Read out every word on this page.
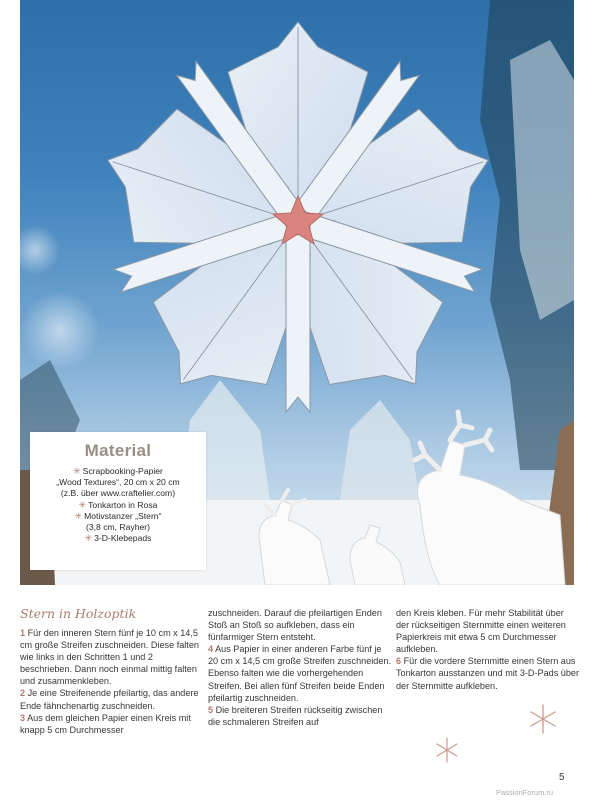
Material
✳ Scrapbooking-Papier
„Wood Textures“, 20 cm x 20 cm
(z.B. über www.craftelier.com)
✳ Tonkarton in Rosa
✳ Motivstanzer „Stern“
(3,8 cm, Rayher)
✳ 3-D-Klebepads
Stern in Holzoptik

1 Für den inneren Stern fünf je 10 cm x 14,5 cm große Streifen zuschneiden. Diese falten wie links in den Schritten 1 und 2 beschrieben. Dann noch einmal mittig falten und zusammenkleben.

2 Je eine Streifenende pfeilartig, das andere Ende fähnchenartig zuschneiden.

3 Aus dem gleichen Papier einen Kreis mit knapp 5 cm Durchmesser

zuschneiden. Darauf die pfeilartigen Enden Stoß an Stoß so aufkleben, dass ein fünfarmiger Stern entsteht.

4 Aus Papier in einer anderen Farbe fünf je 20 cm x 14,5 cm große Streifen zuschneiden. Ebenso falten wie die vorhergehenden Streifen. Bei allen fünf Streifen beide Enden pfeilartig zuschneiden.

5 Die breiteren Streifen rückseitig zwischen die schmaleren Streifen auf

den Kreis kleben. Für mehr Stabilität über der rückseitigen Sternmitte einen weiteren Papierkreis mit etwa 5 cm Durchmesser aufkleben.

6 Für die vordere Sternmitte einen Stern aus Tonkarton ausstanzen und mit 3-D-Pads über der Sternmitte aufkleben.

5
PassionForum.ru
